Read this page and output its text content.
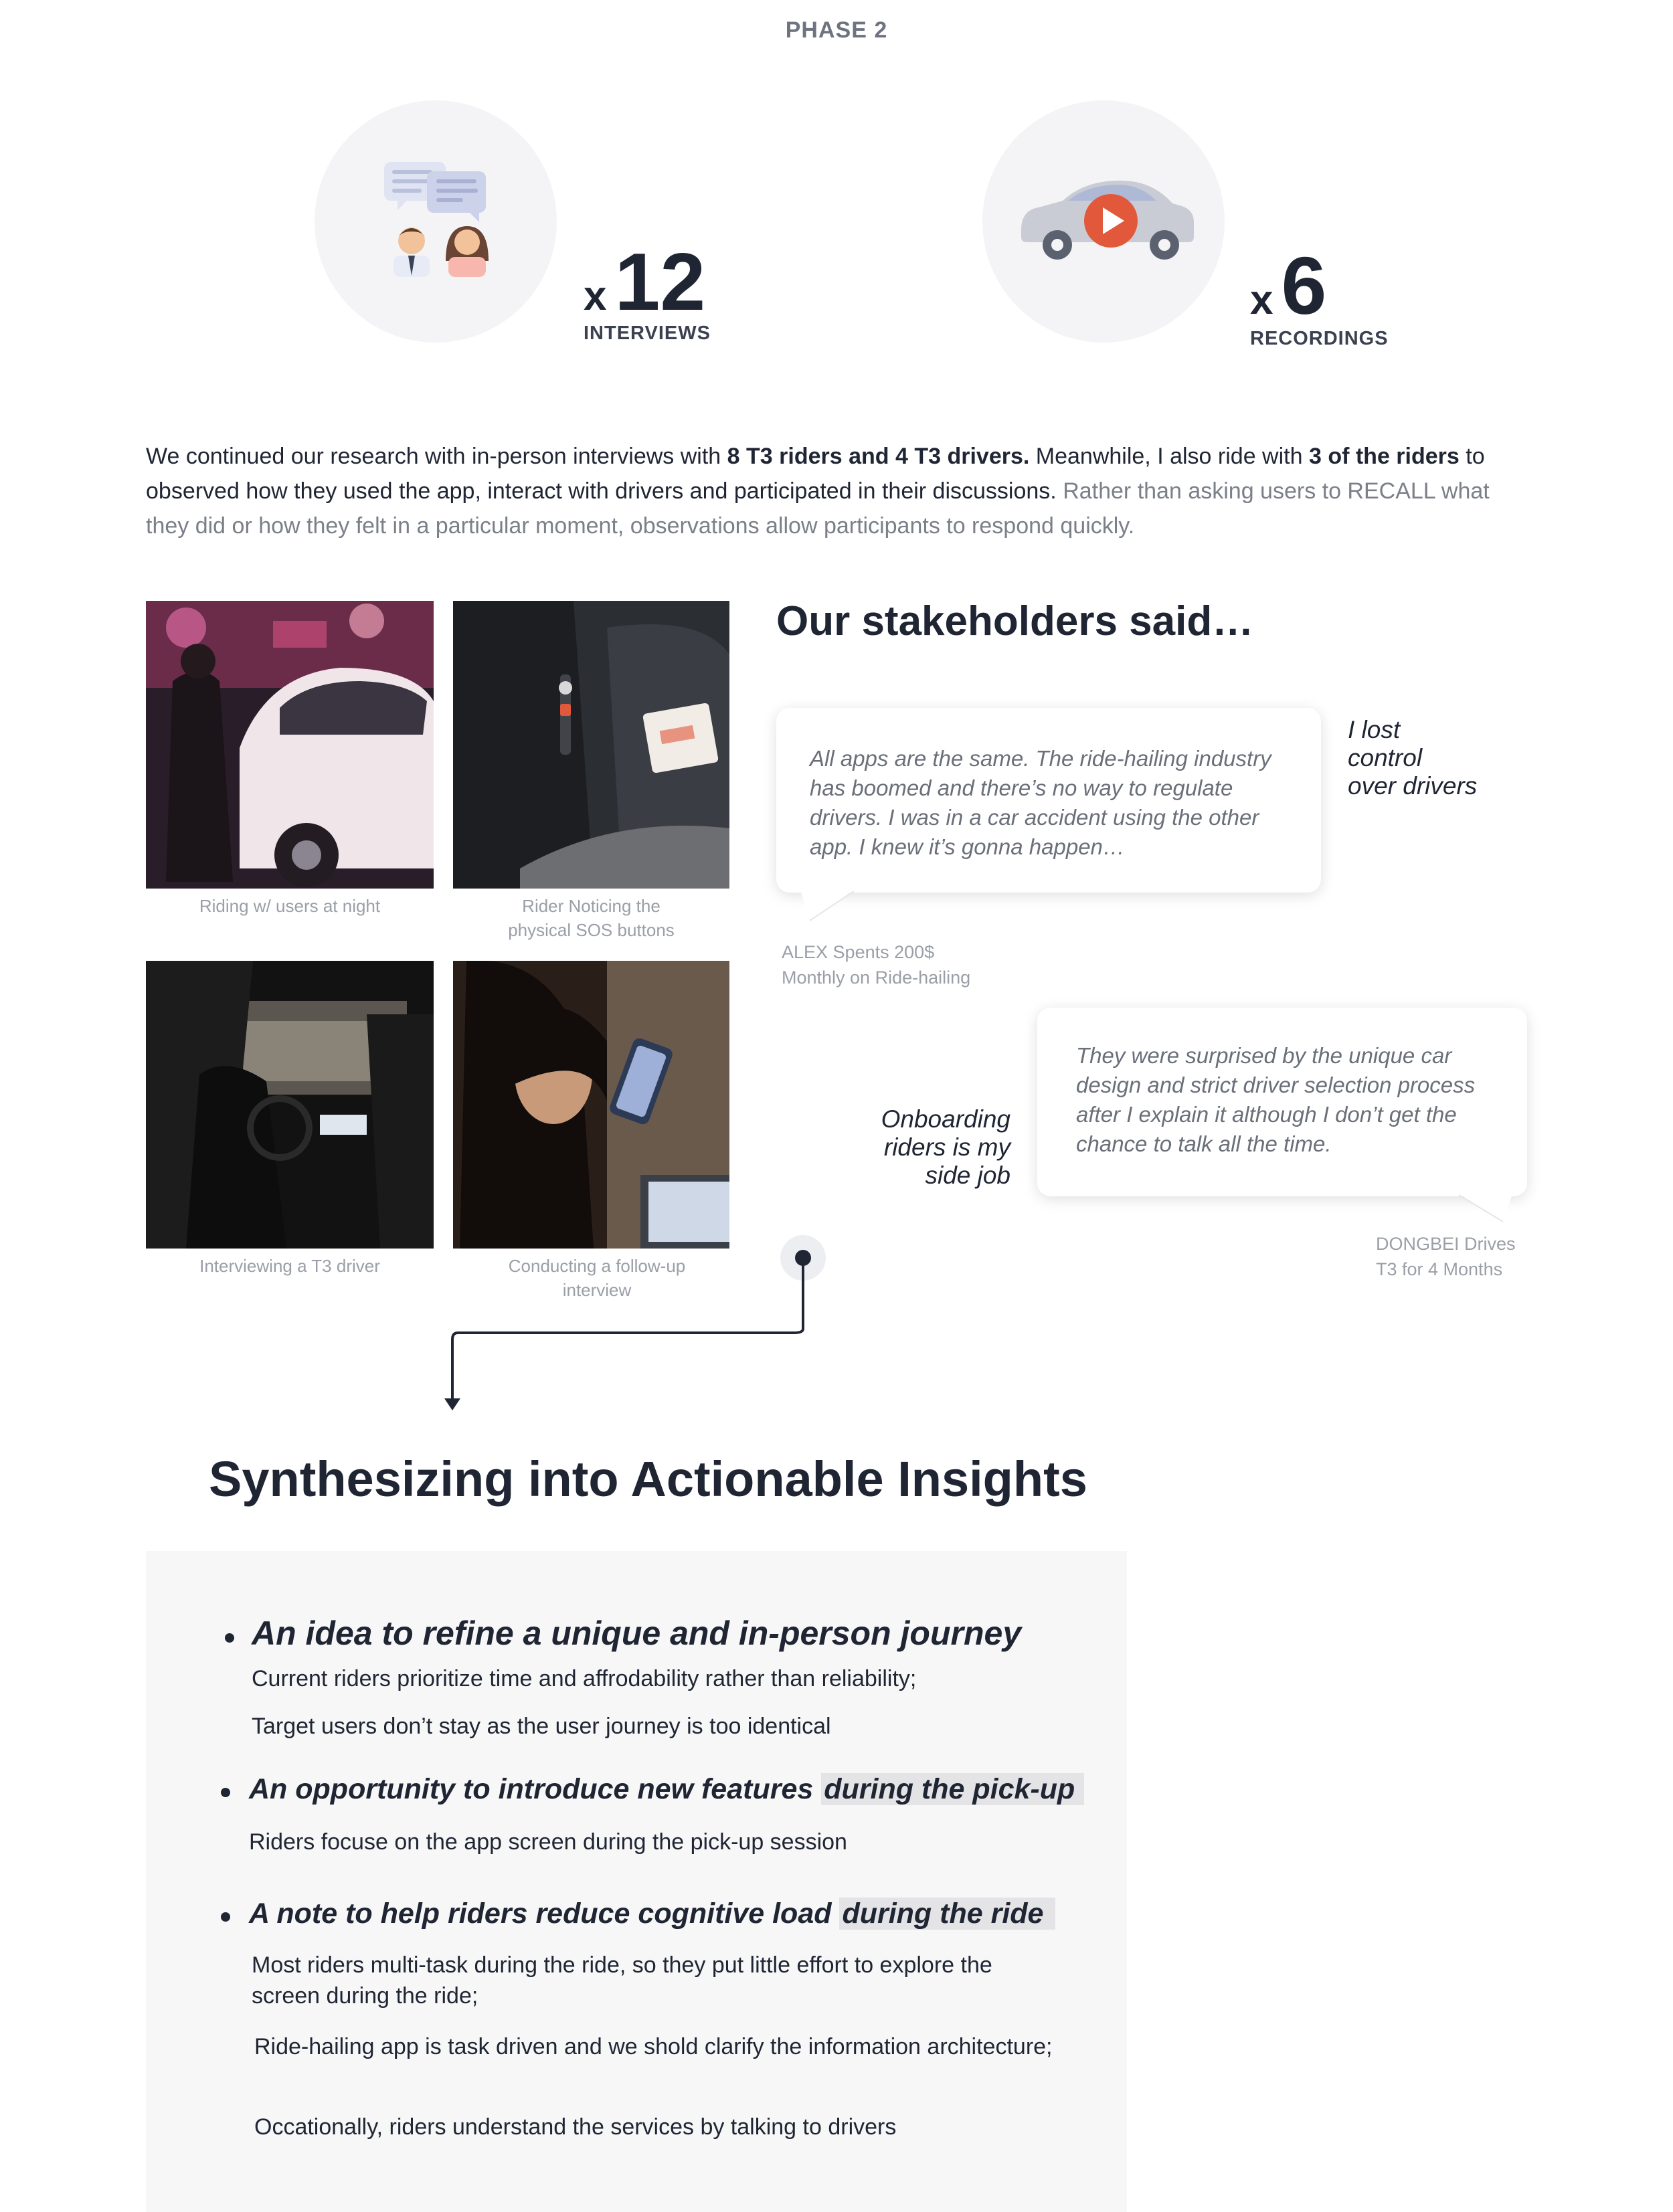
PHASE 2
x12
INTERVIEWS
x6
RECORDINGS
We continued our research with in-person interviews with 8 T3 riders and 4 T3 drivers. Meanwhile, I also ride with 3 of the riders to observed how they used the app, interact with drivers and participated in their discussions. Rather than asking users to RECALL what they did or how they felt in a particular moment, observations allow participants to respond quickly.
Riding w/ users at night	Rider Noticing the
physical SOS buttons
Interviewing a T3 driver	Conducting a follow-up
interview
Our stakeholders said…
All apps are the same. The ride-hailing industry has boomed and there’s no way to regulate drivers. I was in a car accident using the other app. I knew it’s gonna happen…
ALEX Spents 200$
Monthly on Ride-hailing
I lost
control
over drivers
They were surprised by the unique car design and strict driver selection process after I explain it although I don’t get the chance to talk all the time.
DONGBEI Drives
T3 for 4 Months
Onboarding
riders is my
side job
Synthesizing into Actionable Insights
An idea to refine a unique and in-person journey
Current riders prioritize time and affrodability rather than reliability;
Target users don’t stay as the user journey is too identical
An opportunity to introduce new features during the pick-up
Riders focuse on the app screen during the pick-up session
A note to help riders reduce cognitive load during the ride
Most riders multi-task during the ride, so they put little effort to explore the screen during the ride;
Ride-hailing app is task driven and we shold clarify the information architecture;
Occationally, riders understand the services by talking to drivers
